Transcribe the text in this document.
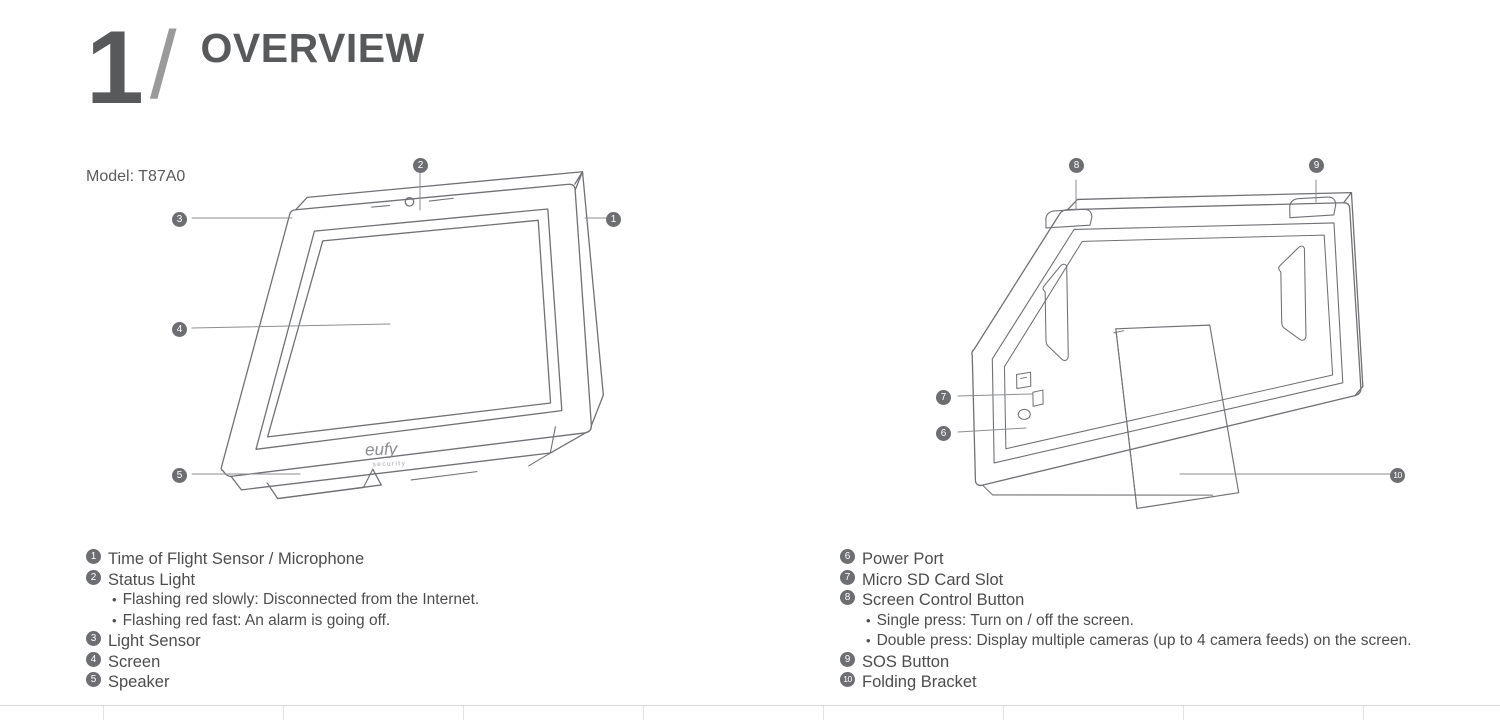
1 / OVERVIEW
Model: T87A0
eufy
security
1
2
3
4
5
8	9
7
6
10
1 Time of Flight Sensor / Microphone
2 Status Light
• Flashing red slowly: Disconnected from the Internet.
• Flashing red fast: An alarm is going off.
3 Light Sensor
4 Screen
5 Speaker
6 Power Port
7 Micro SD Card Slot
8 Screen Control Button
• Single press: Turn on / off the screen.
• Double press: Display multiple cameras (up to 4 camera feeds) on the screen.
9 SOS Button
10 Folding Bracket
